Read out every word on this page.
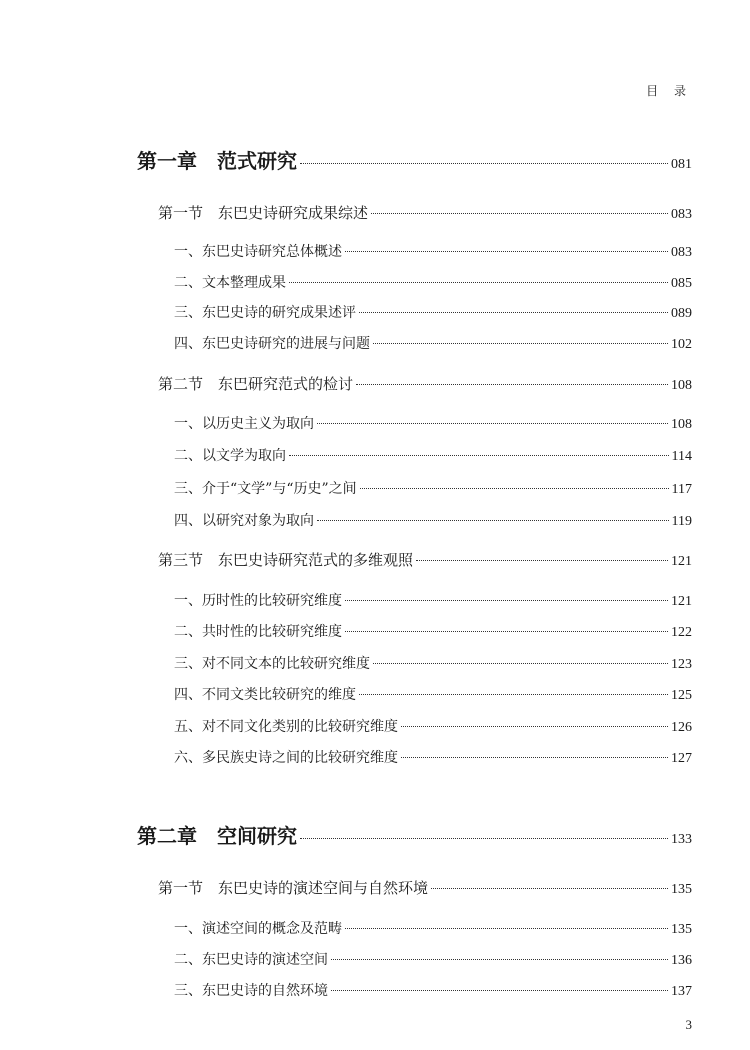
目 录
第一章　范式研究	081
第一节　东巴史诗研究成果综述	083
一、东巴史诗研究总体概述	083
二、文本整理成果	085
三、东巴史诗的研究成果述评	089
四、东巴史诗研究的进展与问题	102
第二节　东巴研究范式的检讨	108
一、以历史主义为取向	108
二、以文学为取向	114
三、介于“文学”与“历史”之间	117
四、以研究对象为取向	119
第三节　东巴史诗研究范式的多维观照	121
一、历时性的比较研究维度	121
二、共时性的比较研究维度	122
三、对不同文本的比较研究维度	123
四、不同文类比较研究的维度	125
五、对不同文化类别的比较研究维度	126
六、多民族史诗之间的比较研究维度	127
第二章　空间研究	133
第一节　东巴史诗的演述空间与自然环境	135
一、演述空间的概念及范畴	135
二、东巴史诗的演述空间	136
三、东巴史诗的自然环境	137
3
